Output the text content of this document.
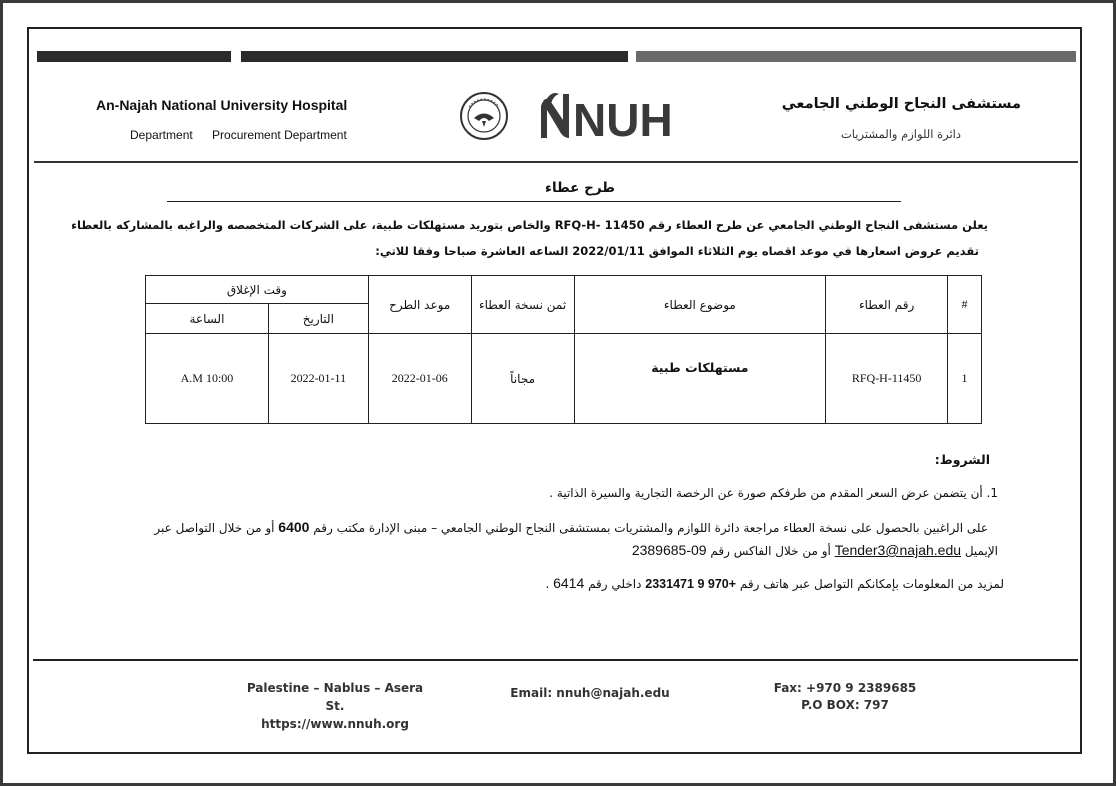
An-Najah National University Hospital
Department Procurement Department	NUH	مستشفى النجاح الوطني الجامعي
دائرة اللوازم والمشتريات
طرح عطاء
يعلن مستشفى النجاح الوطني الجامعي عن طرح العطاء رقم RFQ-H- 11450 والخاص بتوريد مستهلكات طبية، على الشركات المتخصصه والراغبه بالمشاركه بالعطاء
تقديم عروض اسعارها في موعد اقصاه يوم الثلاثاء الموافق 2022/01/11 الساعه العاشرة صباحا وفقا للاتي:
#	رقم العطاء	موضوع العطاء	ثمن نسخة العطاء	موعد الطرح	وقت الإغلاق	
					التاريخ	الساعة
1	RFQ-H-11450	مستهلكات طبية	مجاناً	2022-01-06	2022-01-11	A.M 10:00
الشروط:
1. أن يتضمن عرض السعر المقدم من طرفكم صورة عن الرخصة التجارية والسيرة الذاتية .
على الراغبين بالحصول على نسخة العطاء مراجعة دائرة اللوازم والمشتريات بمستشفى النجاح الوطني الجامعي – مبنى الإدارة مكتب رقم 6400 أو من خلال التواصل عبر
الإيميل Tender3@najah.edu أو من خلال الفاكس رقم 09-2389685
لمزيد من المعلومات بإمكانكم التواصل عبر هاتف رقم +970 9 2331471 داخلي رقم 6414 .
Palestine – Nablus – Asera St.
https://www.nnuh.org
Email: nnuh@najah.edu	Fax: +970 9 2389685
P.O BOX: 797
